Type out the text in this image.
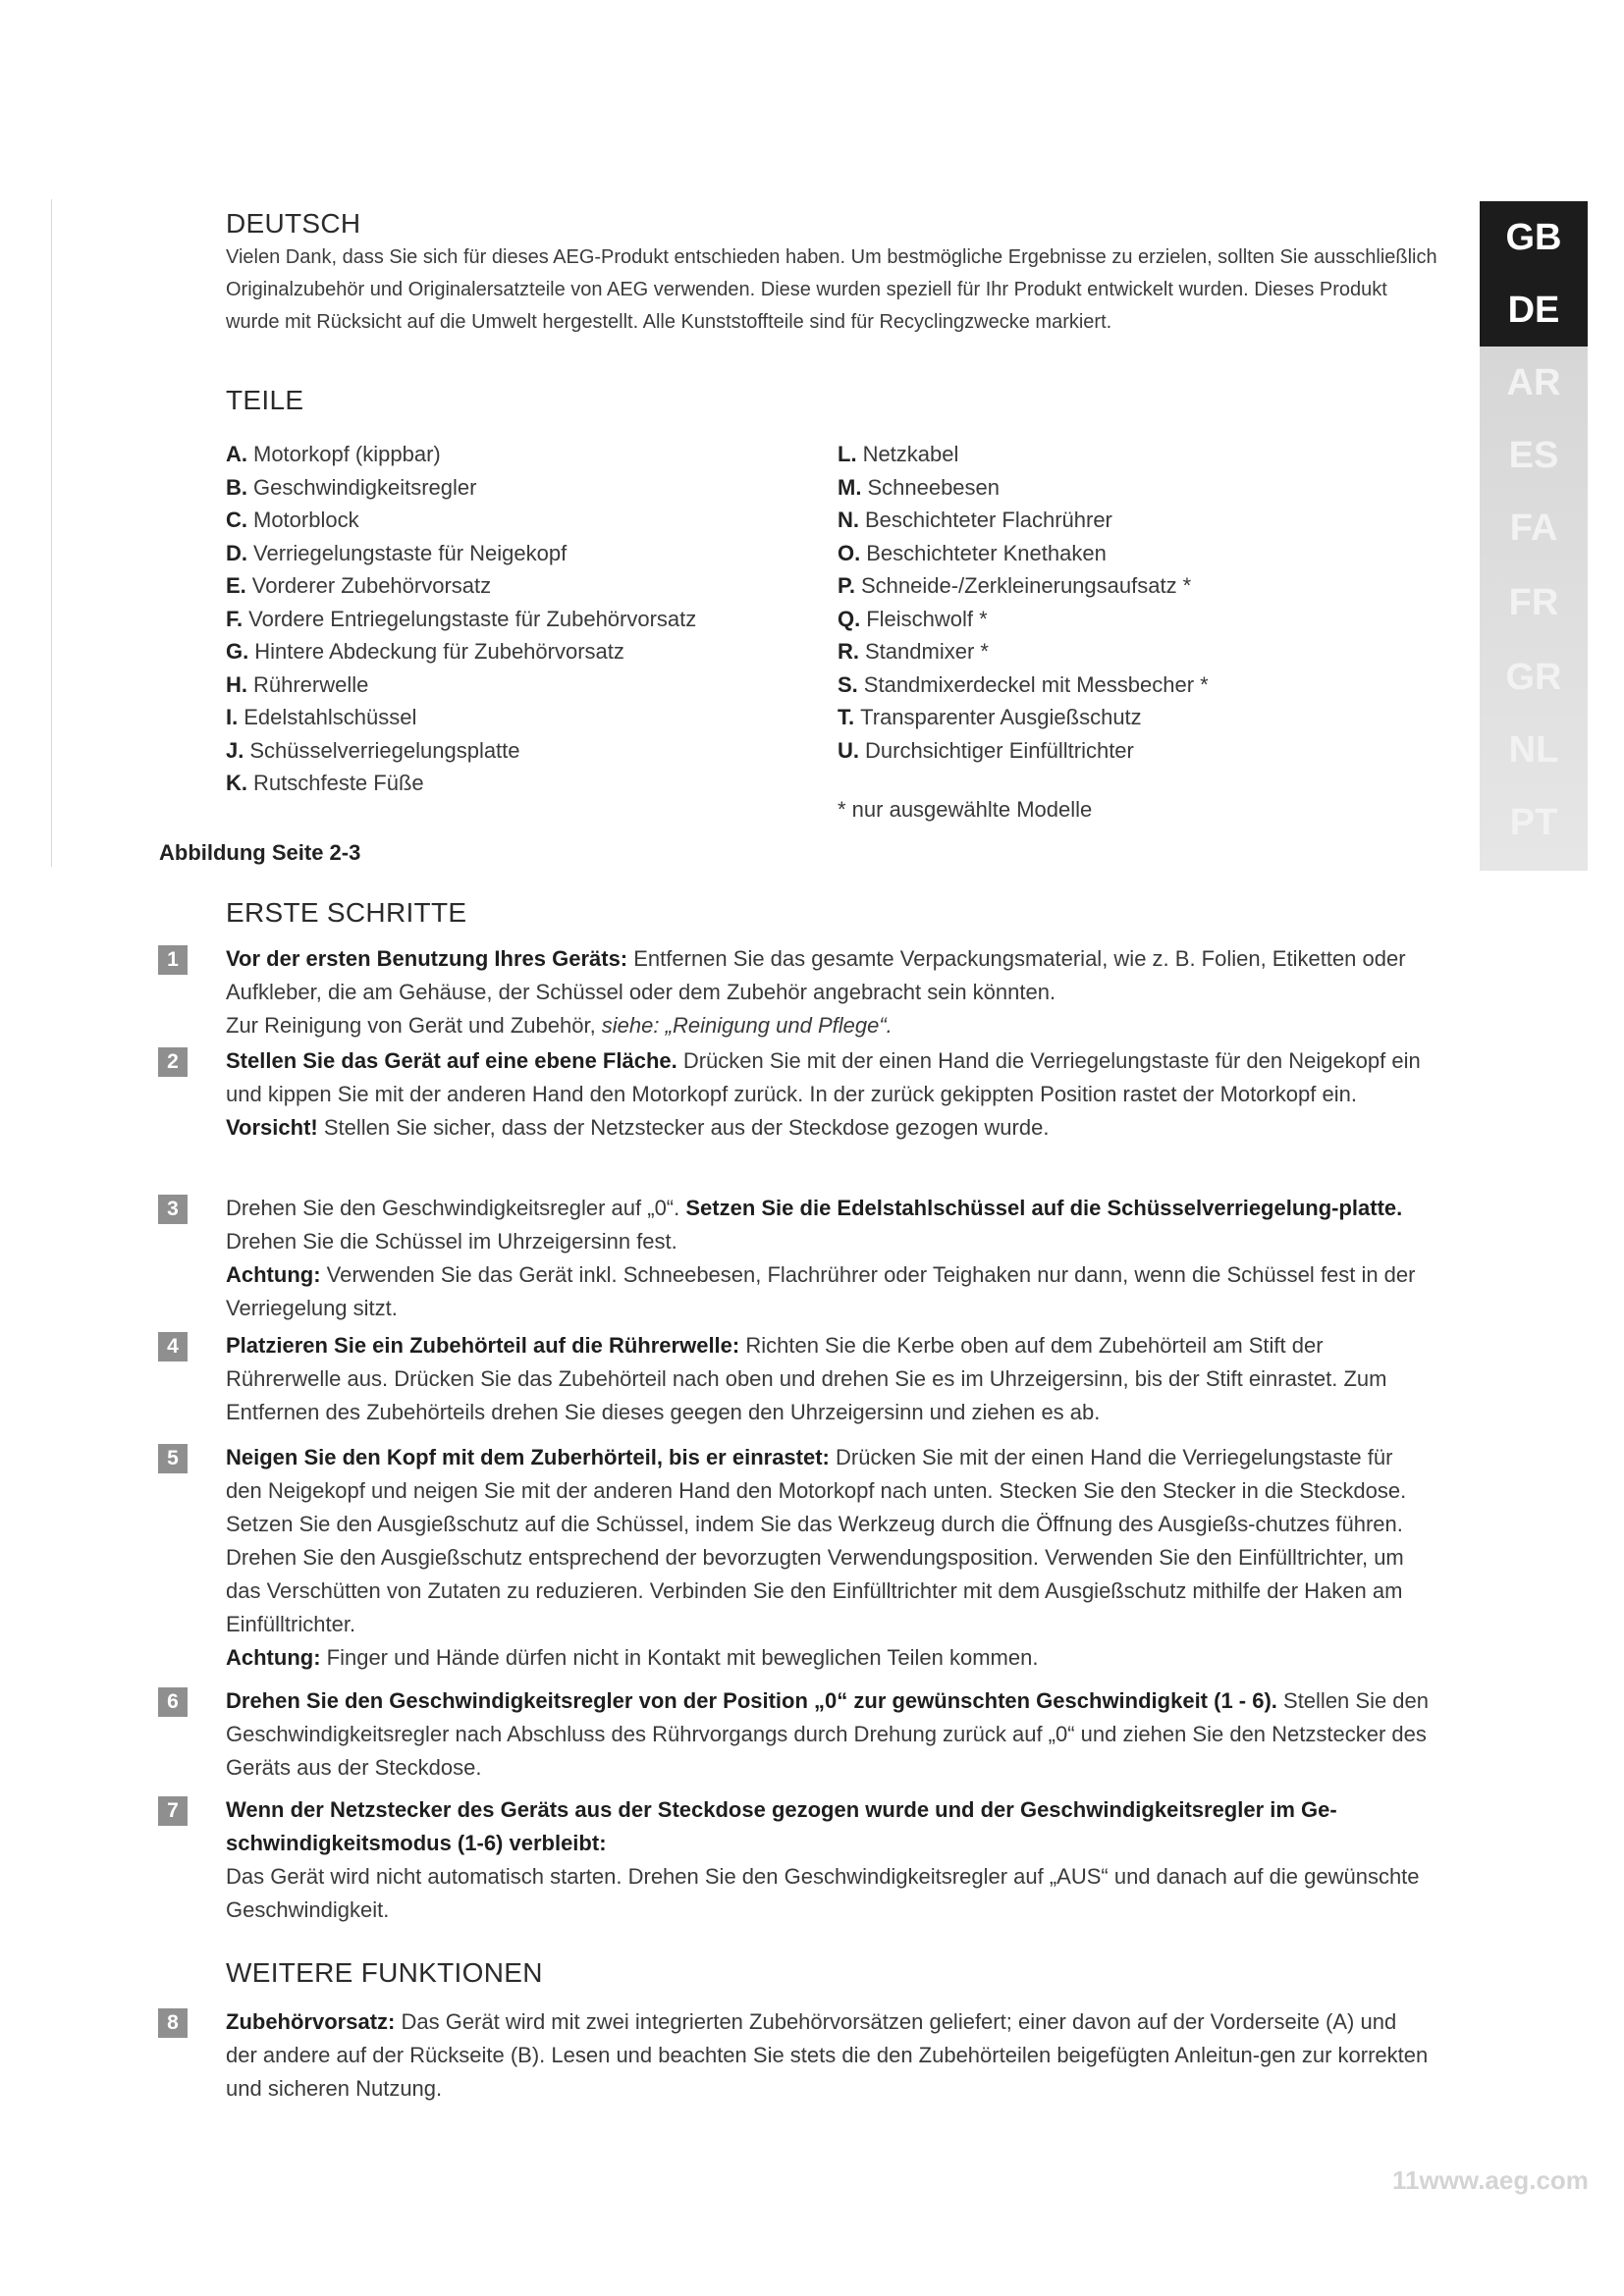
GB
DE
AR
ES
FA
FR
GR
NL
PT
DEUTSCH
Vielen Dank, dass Sie sich für dieses AEG-Produkt entschieden haben. Um bestmögliche Ergebnisse zu erzielen, sollten Sie ausschließlich Originalzubehör und Originalersatzteile von AEG verwenden. Diese wurden speziell für Ihr Produkt entwickelt wurden. Dieses Produkt wurde mit Rücksicht auf die Umwelt hergestellt. Alle Kunststoffteile sind für Recyclingzwecke markiert.
TEILE
A. Motorkopf (kippbar)
B. Geschwindigkeitsregler
C. Motorblock
D. Verriegelungstaste für Neigekopf
E. Vorderer Zubehörvorsatz
F. Vordere Entriegelungstaste für Zubehörvorsatz
G. Hintere Abdeckung für Zubehörvorsatz
H. Rührerwelle
I. Edelstahlschüssel
J. Schüsselverriegelungsplatte
K. Rutschfeste Füße
L. Netzkabel
M. Schneebesen
N. Beschichteter Flachrührer
O. Beschichteter Knethaken
P. Schneide-/Zerkleinerungsaufsatz *
Q. Fleischwolf *
R. Standmixer *
S. Standmixerdeckel mit Messbecher *
T. Transparenter Ausgießschutz
U. Durchsichtiger Einfülltrichter
* nur ausgewählte Modelle
Abbildung Seite 2-3
ERSTE SCHRITTE
1	Vor der ersten Benutzung Ihres Geräts: Entfernen Sie das gesamte Verpackungsmaterial, wie z. B. Folien, Etiketten oder Aufkleber, die am Gehäuse, der Schüssel oder dem Zubehör angebracht sein könnten.
Zur Reinigung von Gerät und Zubehör, siehe: „Reinigung und Pflege“.
2	Stellen Sie das Gerät auf eine ebene Fläche. Drücken Sie mit der einen Hand die Verriegelungstaste für den Neigekopf ein und kippen Sie mit der anderen Hand den Motorkopf zurück. In der zurück gekippten Position rastet der Motorkopf ein.
Vorsicht! Stellen Sie sicher, dass der Netzstecker aus der Steckdose gezogen wurde.
3	Drehen Sie den Geschwindigkeitsregler auf „0“. Setzen Sie die Edelstahlschüssel auf die Schüsselverriegelung-platte. Drehen Sie die Schüssel im Uhrzeigersinn fest.
Achtung: Verwenden Sie das Gerät inkl. Schneebesen, Flachrührer oder Teighaken nur dann, wenn die Schüssel fest in der Verriegelung sitzt.
4	Platzieren Sie ein Zubehörteil auf die Rührerwelle: Richten Sie die Kerbe oben auf dem Zubehörteil am Stift der Rührerwelle aus. Drücken Sie das Zubehörteil nach oben und drehen Sie es im Uhrzeigersinn, bis der Stift einrastet. Zum Entfernen des Zubehörteils drehen Sie dieses geegen den Uhrzeigersinn und ziehen es ab.
5	Neigen Sie den Kopf mit dem Zuberhörteil, bis er einrastet: Drücken Sie mit der einen Hand die Verriegelungstaste für den Neigekopf und neigen Sie mit der anderen Hand den Motorkopf nach unten. Stecken Sie den Stecker in die Steckdose. Setzen Sie den Ausgießschutz auf die Schüssel, indem Sie das Werkzeug durch die Öffnung des Ausgießs-chutzes führen. Drehen Sie den Ausgießschutz entsprechend der bevorzugten Verwendungsposition. Verwenden Sie den Einfülltrichter, um das Verschütten von Zutaten zu reduzieren. Verbinden Sie den Einfülltrichter mit dem Ausgießschutz mithilfe der Haken am Einfülltrichter.
Achtung: Finger und Hände dürfen nicht in Kontakt mit beweglichen Teilen kommen.
6	Drehen Sie den Geschwindigkeitsregler von der Position „0“ zur gewünschten Geschwindigkeit (1 - 6). Stellen Sie den Geschwindigkeitsregler nach Abschluss des Rührvorgangs durch Drehung zurück auf „0“ und ziehen Sie den Netzstecker des Geräts aus der Steckdose.
7	Wenn der Netzstecker des Geräts aus der Steckdose gezogen wurde und der Geschwindigkeitsregler im Ge-schwindigkeitsmodus (1-6) verbleibt:
Das Gerät wird nicht automatisch starten. Drehen Sie den Geschwindigkeitsregler auf „AUS“ und danach auf die gewünschte Geschwindigkeit.
WEITERE FUNKTIONEN
8	Zubehörvorsatz: Das Gerät wird mit zwei integrierten Zubehörvorsätzen geliefert; einer davon auf der Vorderseite (A) und der andere auf der Rückseite (B). Lesen und beachten Sie stets die den Zubehörteilen beigefügten Anleitun-gen zur korrekten und sicheren Nutzung.
11www.aeg.com
